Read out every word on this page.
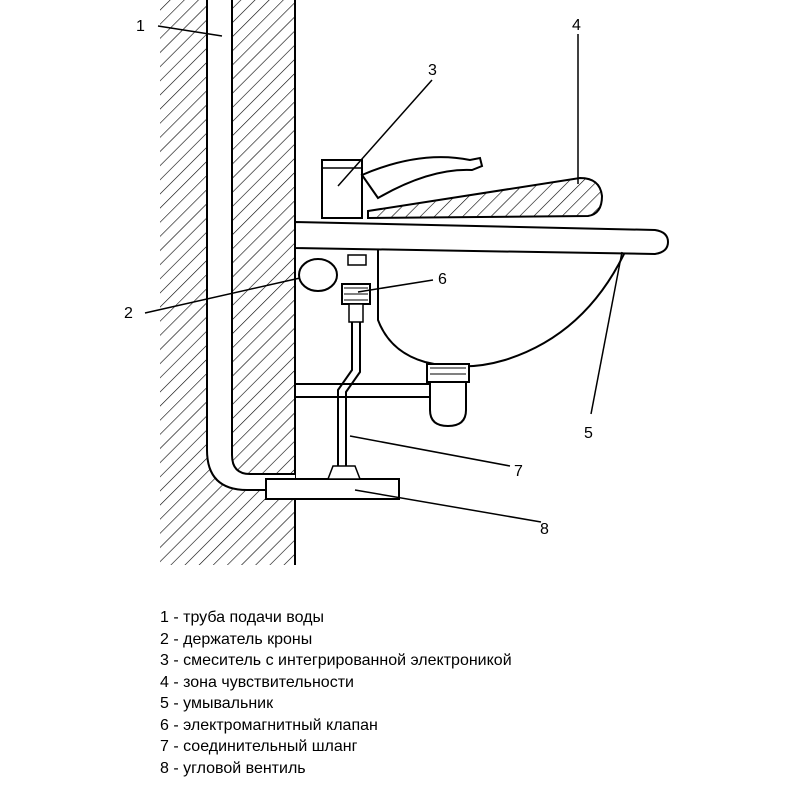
1
2
3
4
5
6
7
8
1 - труба подачи воды
2 - держатель кроны
3 - смеситель с интегрированной электроникой
4 - зона чувствительности
5 - умывальник
6 - электромагнитный клапан
7 - соединительный шланг
8 - угловой вентиль
